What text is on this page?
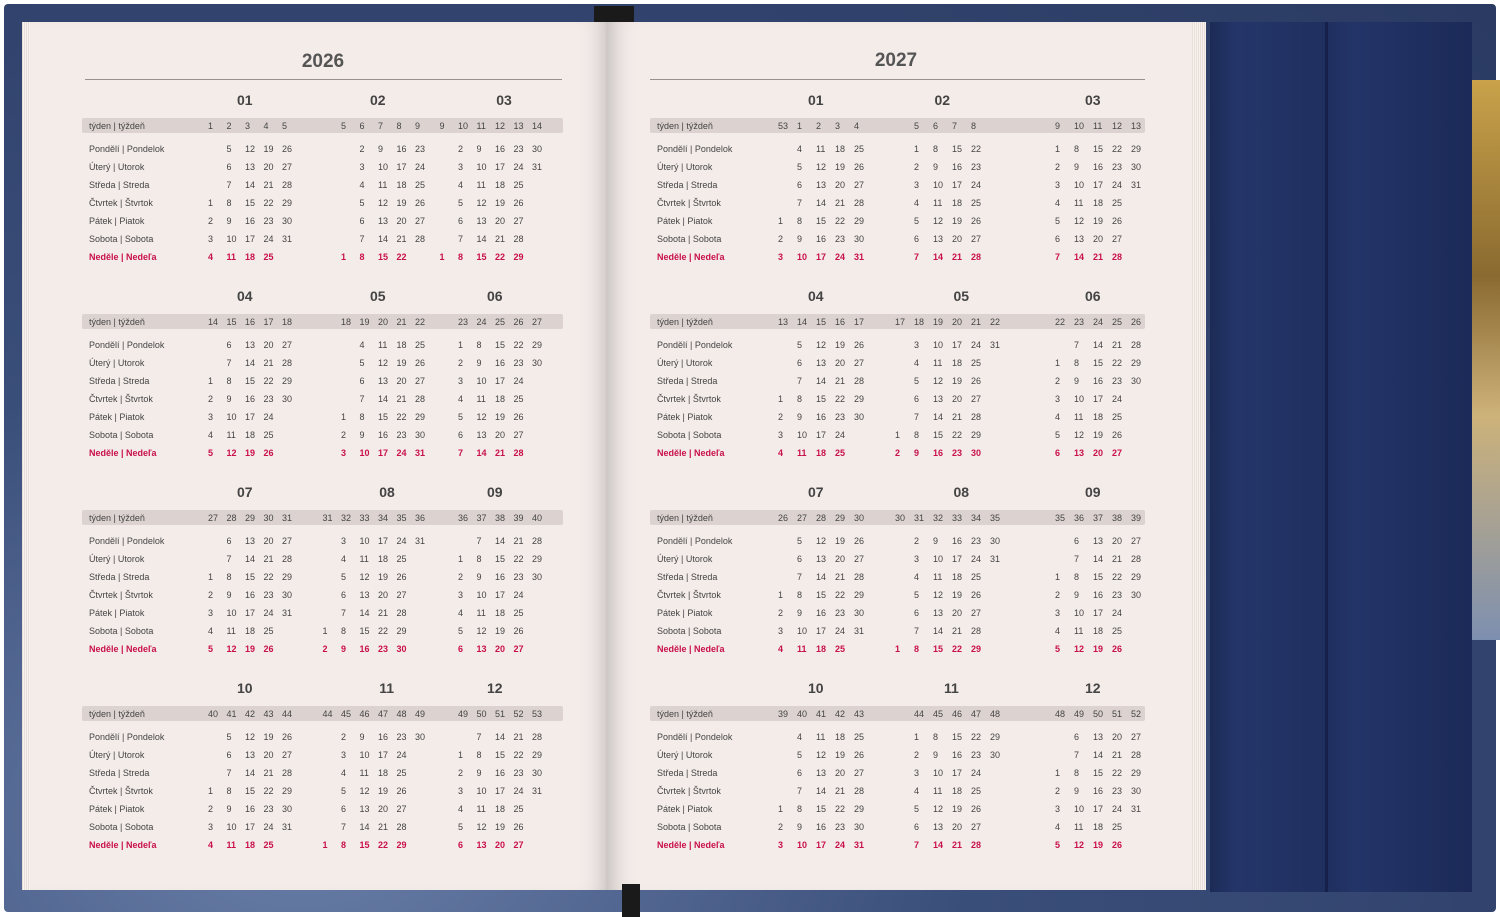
2026	2027
týden | týždeň
Pondělí | Pondelok
Úterý | Utorok
Středa | Streda
Čtvrtek | Štvrtok
Pátek | Piatok
Sobota | Sobota
Neděle | Nedeľa
01
1 2 3 4 5
5 12 19 26
6 13 20 27
7 14 21 28
1 8 15 22 29
2 9 16 23 30
3 10 17 24 31
4 11 18 25
02
5 6 7 8 9
2 9 16 23
3 10 17 24
4 11 18 25
5 12 19 26
6 13 20 27
7 14 21 28
1 8 15 22
03
9 10 11 12 13 14
2 9 16 23 30
3 10 17 24 31
4 11 18 25
5 12 19 26
6 13 20 27
7 14 21 28
1 8 15 22 29
týden | týždeň
Pondělí | Pondelok
Úterý | Utorok
Středa | Streda
Čtvrtek | Štvrtok
Pátek | Piatok
Sobota | Sobota
Neděle | Nedeľa
04
14 15 16 17 18
6 13 20 27
7 14 21 28
1 8 15 22 29
2 9 16 23 30
3 10 17 24
4 11 18 25
5 12 19 26
05
18 19 20 21 22
4 11 18 25
5 12 19 26
6 13 20 27
7 14 21 28
1 8 15 22 29
2 9 16 23 30
3 10 17 24 31
06
23 24 25 26 27
1 8 15 22 29
2 9 16 23 30
3 10 17 24
4 11 18 25
5 12 19 26
6 13 20 27
7 14 21 28
týden | týždeň
Pondělí | Pondelok
Úterý | Utorok
Středa | Streda
Čtvrtek | Štvrtok
Pátek | Piatok
Sobota | Sobota
Neděle | Nedeľa
07
27 28 29 30 31
6 13 20 27
7 14 21 28
1 8 15 22 29
2 9 16 23 30
3 10 17 24 31
4 11 18 25
5 12 19 26
08
31 32 33 34 35 36
3 10 17 24 31
4 11 18 25
5 12 19 26
6 13 20 27
7 14 21 28
1 8 15 22 29
2 9 16 23 30
09
36 37 38 39 40
7 14 21 28
1 8 15 22 29
2 9 16 23 30
3 10 17 24
4 11 18 25
5 12 19 26
6 13 20 27
týden | týždeň
Pondělí | Pondelok
Úterý | Utorok
Středa | Streda
Čtvrtek | Štvrtok
Pátek | Piatok
Sobota | Sobota
Neděle | Nedeľa
10
40 41 42 43 44
5 12 19 26
6 13 20 27
7 14 21 28
1 8 15 22 29
2 9 16 23 30
3 10 17 24 31
4 11 18 25
11
44 45 46 47 48 49
2 9 16 23 30
3 10 17 24
4 11 18 25
5 12 19 26
6 13 20 27
7 14 21 28
1 8 15 22 29
12
49 50 51 52 53
7 14 21 28
1 8 15 22 29
2 9 16 23 30
3 10 17 24 31
4 11 18 25
5 12 19 26
6 13 20 27
týden | týždeň
Pondělí | Pondelok
Úterý | Utorok
Středa | Streda
Čtvrtek | Štvrtok
Pátek | Piatok
Sobota | Sobota
Neděle | Nedeľa
01
53 1 2 3 4
4 11 18 25
5 12 19 26
6 13 20 27
7 14 21 28
1 8 15 22 29
2 9 16 23 30
3 10 17 24 31
02
5 6 7 8
1 8 15 22
2 9 16 23
3 10 17 24
4 11 18 25
5 12 19 26
6 13 20 27
7 14 21 28
03
9 10 11 12 13
1 8 15 22 29
2 9 16 23 30
3 10 17 24 31
4 11 18 25
5 12 19 26
6 13 20 27
7 14 21 28
týden | týždeň
Pondělí | Pondelok
Úterý | Utorok
Středa | Streda
Čtvrtek | Štvrtok
Pátek | Piatok
Sobota | Sobota
Neděle | Nedeľa
04
13 14 15 16 17
5 12 19 26
6 13 20 27
7 14 21 28
1 8 15 22 29
2 9 16 23 30
3 10 17 24
4 11 18 25
05
17 18 19 20 21 22
3 10 17 24 31
4 11 18 25
5 12 19 26
6 13 20 27
7 14 21 28
1 8 15 22 29
2 9 16 23 30
06
22 23 24 25 26
7 14 21 28
1 8 15 22 29
2 9 16 23 30
3 10 17 24
4 11 18 25
5 12 19 26
6 13 20 27
týden | týždeň
Pondělí | Pondelok
Úterý | Utorok
Středa | Streda
Čtvrtek | Štvrtok
Pátek | Piatok
Sobota | Sobota
Neděle | Nedeľa
07
26 27 28 29 30
5 12 19 26
6 13 20 27
7 14 21 28
1 8 15 22 29
2 9 16 23 30
3 10 17 24 31
4 11 18 25
08
30 31 32 33 34 35
2 9 16 23 30
3 10 17 24 31
4 11 18 25
5 12 19 26
6 13 20 27
7 14 21 28
1 8 15 22 29
09
35 36 37 38 39
6 13 20 27
7 14 21 28
1 8 15 22 29
2 9 16 23 30
3 10 17 24
4 11 18 25
5 12 19 26
týden | týždeň
Pondělí | Pondelok
Úterý | Utorok
Středa | Streda
Čtvrtek | Štvrtok
Pátek | Piatok
Sobota | Sobota
Neděle | Nedeľa
10
39 40 41 42 43
4 11 18 25
5 12 19 26
6 13 20 27
7 14 21 28
1 8 15 22 29
2 9 16 23 30
3 10 17 24 31
11
44 45 46 47 48
1 8 15 22 29
2 9 16 23 30
3 10 17 24
4 11 18 25
5 12 19 26
6 13 20 27
7 14 21 28
12
48 49 50 51 52
6 13 20 27
7 14 21 28
1 8 15 22 29
2 9 16 23 30
3 10 17 24 31
4 11 18 25
5 12 19 26
